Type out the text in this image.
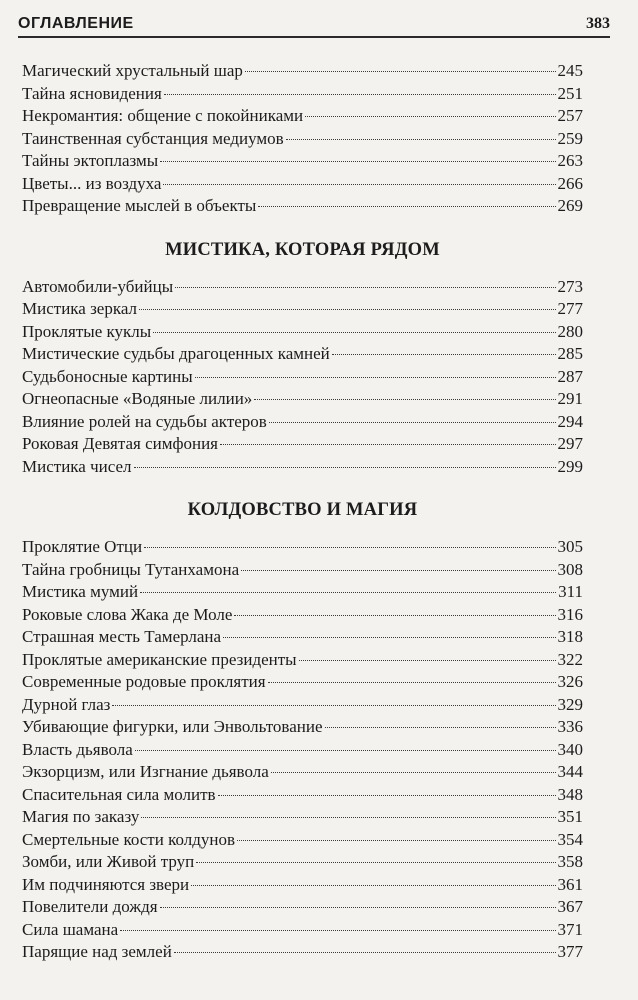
ОГЛАВЛЕНИЕ	383
Магический хрустальный шар	245
Тайна ясновидения	251
Некромантия: общение с покойниками	257
Таинственная субстанция медиумов	259
Тайны эктоплазмы	263
Цветы... из воздуха	266
Превращение мыслей в объекты	269
МИСТИКА, КОТОРАЯ РЯДОМ
Автомобили-убийцы	273
Мистика зеркал	277
Проклятые куклы	280
Мистические судьбы драгоценных камней	285
Судьбоносные картины	287
Огнеопасные «Водяные лилии»	291
Влияние ролей на судьбы актеров	294
Роковая Девятая симфония	297
Мистика чисел	299
КОЛДОВСТВО И МАГИЯ
Проклятие Отци	305
Тайна гробницы Тутанхамона	308
Мистика мумий	311
Роковые слова Жака де Моле	316
Страшная месть Тамерлана	318
Проклятые американские президенты	322
Современные родовые проклятия	326
Дурной глаз	329
Убивающие фигурки, или Энвольтование	336
Власть дьявола	340
Экзорцизм, или Изгнание дьявола	344
Спасительная сила молитв	348
Магия по заказу	351
Смертельные кости колдунов	354
Зомби, или Живой труп	358
Им подчиняются звери	361
Повелители дождя	367
Сила шамана	371
Парящие над землей	377
